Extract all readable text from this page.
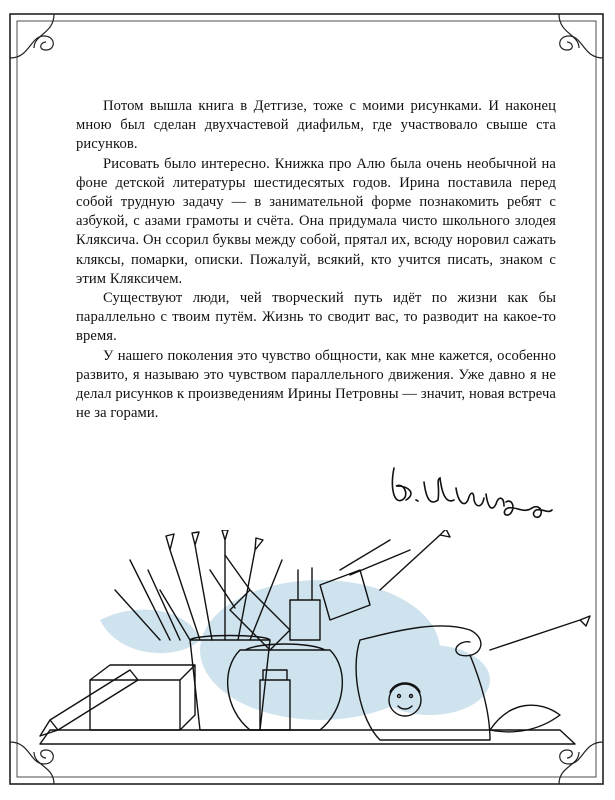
Потом вышла книга в Детгизе, тоже с моими рисунками. И наконец мною был сделан двухчастевой диафильм, где участвовало свыше ста рисунков.

Рисовать было интересно. Книжка про Алю была очень необычной на фоне детской литературы шестидесятых годов. Ирина поставила перед собой трудную задачу — в занимательной форме познакомить ребят с азбукой, с азами грамоты и счёта. Она придумала чисто школьного злодея Кляксича. Он ссорил буквы между собой, прятал их, всюду норовил сажать кляксы, помарки, описки. Пожалуй, всякий, кто учится писать, знаком с этим Кляксичем.

Существуют люди, чей творческий путь идёт по жизни как бы параллельно с твоим путём. Жизнь то сводит вас, то разводит на какое-то время.

У нашего поколения это чувство общности, как мне кажется, особенно развито, я называю это чувством параллельного движения. Уже давно я не делал рисунков к произведениям Ирины Петровны — значит, новая встреча не за горами.
